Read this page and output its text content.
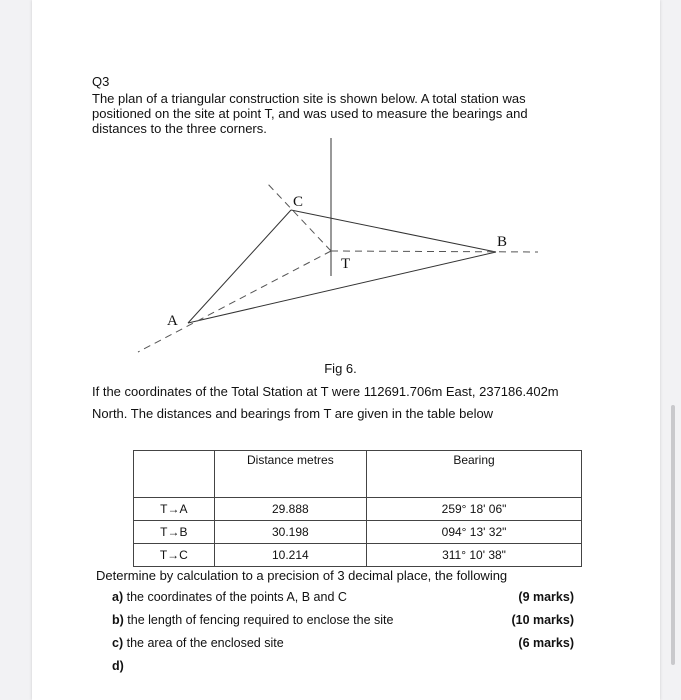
Q3
The plan of a triangular construction site is shown below. A total station was
positioned on the site at point T, and was used to measure the bearings and
distances to the three corners.
C
B
T
A
Fig 6.
If the coordinates of the Total Station at T were 112691.706m East, 237186.402m
North. The distances and bearings from T are given in the table below
	Distance metres	Bearing
T→A	29.888	259° 18' 06"
T→B	30.198	094° 13' 32"
T→C	10.214	311° 10' 38"
Determine by calculation to a precision of 3 decimal place, the following
a) the coordinates of the points A, B and C	(9 marks)
b) the length of fencing required to enclose the site	(10 marks)
c) the area of the enclosed site	(6 marks)
d)
